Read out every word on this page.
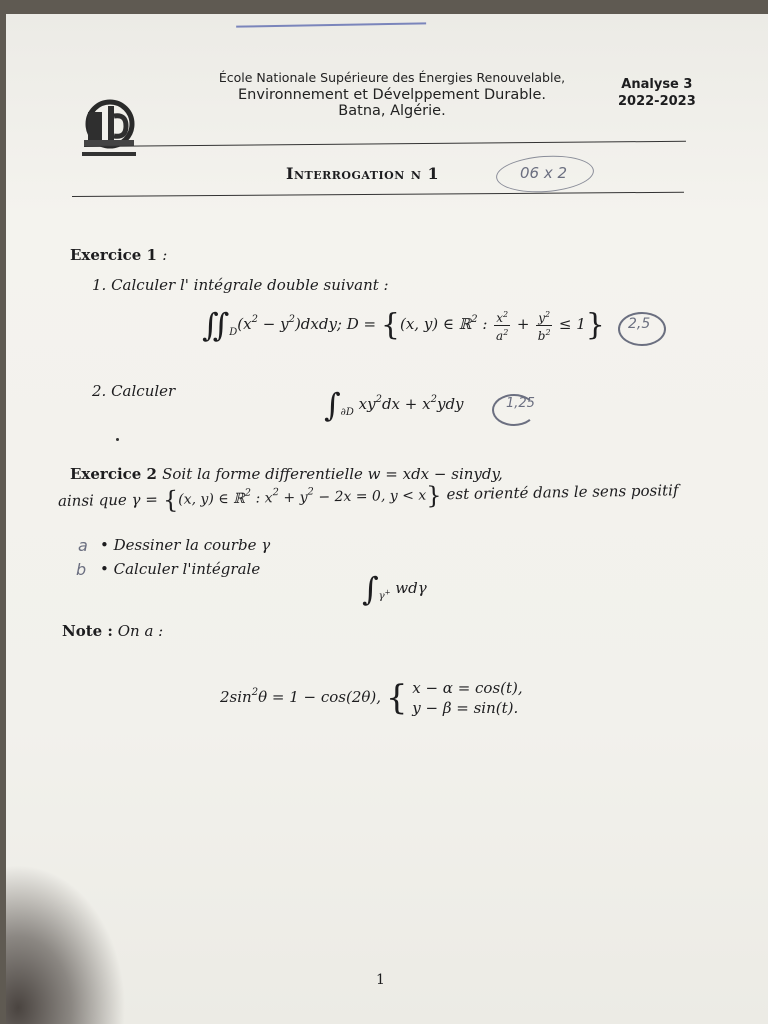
École Nationale Supérieure des Énergies Renouvelable,
Environnement et Dévelppement Durable.
Batna, Algérie.
Analyse 3
2022-2023
Interrogation n 1	06 x 2
Exercice 1 :
1. Calculer l' intégrale double suivant :
$∬_D(x^2$ − $y^2)dxdy$; D = {(x, y) ∈ ℝ$^2$ : $\frac{x^2}{a^2} + \frac{y^2}{b^2} \le 1$} 2,5
2. Calculer	$\int_{\partial D}$ $xy^2dx + x^2ydy$	1,25
Exercice 2 Soit la forme differentielle w = xdx − sinydy,
ainsi que γ = {(x, y) ∈ ℝ$^2$ : $x^2 + y^2 - 2x = 0$, y < x} est orienté dans le sens positif
a • Dessiner la courbe γ
b • Calculer l'intégrale
$\int_{\gamma^+}$ wdγ
Note : On a :
$2\sin^2\theta = 1 - \cos(2\theta)$, { x − α = cos(t),
y − β = sin(t).
1
